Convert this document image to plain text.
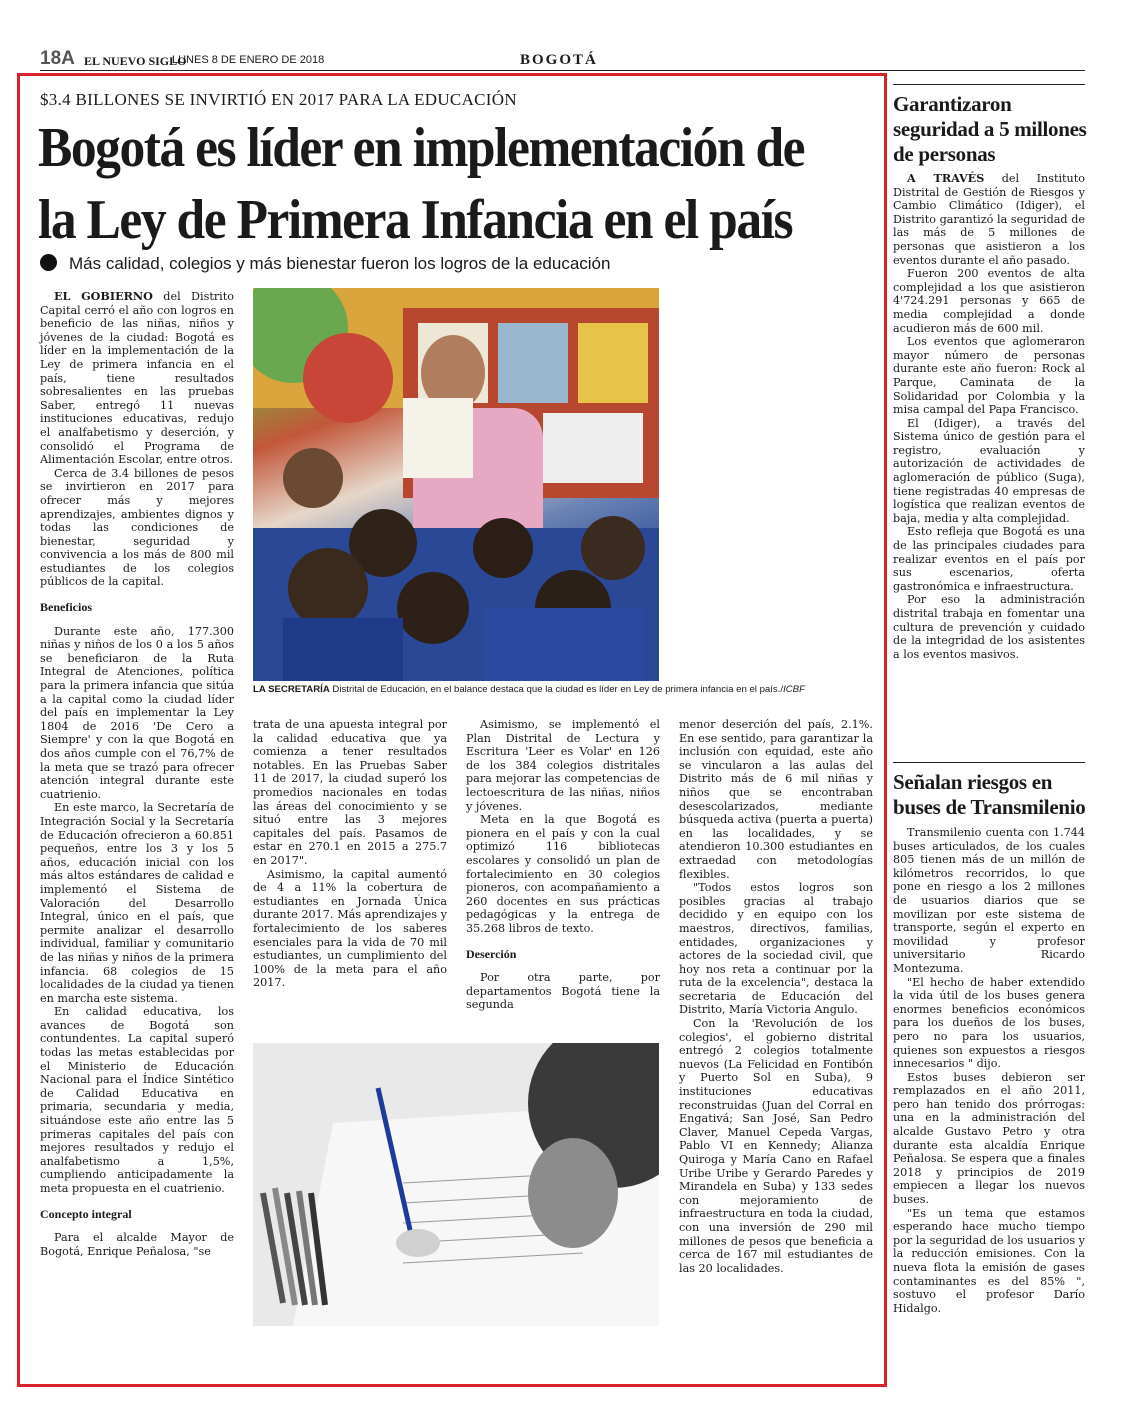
18A EL NUEVO SIGLO
LUNES 8 DE ENERO DE 2018	BOGOTÁ
$3.4 BILLONES SE INVIRTIÓ EN 2017 PARA LA EDUCACIÓN
Bogotá es líder en implementación de la Ley de Primera Infancia en el país
Más calidad, colegios y más bienestar fueron los logros de la educación

EL GOBIERNO del Distrito Capital cerró el año con logros en beneficio de las niñas, niños y jóvenes de la ciudad: Bogotá es líder en la implementación de la Ley de primera infancia en el país, tiene resultados sobresalientes en las pruebas Saber, entregó 11 nuevas instituciones educativas, redujo el analfabetismo y deserción, y consolidó el Programa de Alimentación Escolar, entre otros.

Cerca de 3.4 billones de pesos se invirtieron en 2017 para ofrecer más y mejores aprendizajes, ambientes dignos y todas las condiciones de bienestar, seguridad y convivencia a los más de 800 mil estudiantes de los colegios públicos de la capital.

Beneficios

Durante este año, 177.300 niñas y niños de los 0 a los 5 años se beneficiaron de la Ruta Integral de Atenciones, política para la primera infancia que sitúa a la capital como la ciudad líder del país en implementar la Ley 1804 de 2016 'De Cero a Siempre' y con la que Bogotá en dos años cumple con el 76,7% de la meta que se trazó para ofrecer atención integral durante este cuatrienio.

En este marco, la Secretaría de Integración Social y la Secretaría de Educación ofrecieron a 60.851 pequeños, entre los 3 y los 5 años, educación inicial con los más altos estándares de calidad e implementó el Sistema de Valoración del Desarrollo Integral, único en el país, que permite analizar el desarrollo individual, familiar y comunitario de las niñas y niños de la primera infancia. 68 colegios de 15 localidades de la ciudad ya tienen en marcha este sistema.

En calidad educativa, los avances de Bogotá son contundentes. La capital superó todas las metas establecidas por el Ministerio de Educación Nacional para el Índice Sintético de Calidad Educativa en primaria, secundaria y media, situándose este año entre las 5 primeras capitales del país con mejores resultados y redujo el analfabetismo a 1,5%, cumpliendo anticipadamente la meta propuesta en el cuatrienio.

Concepto integral

Para el alcalde Mayor de Bogotá, Enrique Peñalosa, "se

LA SECRETARÍA Distrital de Educación, en el balance destaca que la ciudad es líder en Ley de primera infancia en el país./ICBF

trata de una apuesta integral por la calidad educativa que ya comienza a tener resultados notables. En las Pruebas Saber 11 de 2017, la ciudad superó los promedios nacionales en todas las áreas del conocimiento y se situó entre las 3 mejores capitales del país. Pasamos de estar en 270.1 en 2015 a 275.7 en 2017".

Asimismo, la capital aumentó de 4 a 11% la cobertura de estudiantes en Jornada Única durante 2017. Más aprendizajes y fortalecimiento de los saberes esenciales para la vida de 70 mil estudiantes, un cumplimiento del 100% de la meta para el año 2017.

Asimismo, se implementó el Plan Distrital de Lectura y Escritura 'Leer es Volar' en 126 de los 384 colegios distritales para mejorar las competencias de lectoescritura de las niñas, niños y jóvenes.

Meta en la que Bogotá es pionera en el país y con la cual optimizó 116 bibliotecas escolares y consolidó un plan de fortalecimiento en 30 colegios pioneros, con acompañamiento a 260 docentes en sus prácticas pedagógicas y la entrega de 35.268 libros de texto.

Deserción

Por otra parte, por departamentos Bogotá tiene la segunda

menor deserción del país, 2.1%. En ese sentido, para garantizar la inclusión con equidad, este año se vincularon a las aulas del Distrito más de 6 mil niñas y niños que se encontraban desescolarizados, mediante búsqueda activa (puerta a puerta) en las localidades, y se atendieron 10.300 estudiantes en extraedad con metodologías flexibles.

"Todos estos logros son posibles gracias al trabajo decidido y en equipo con los maestros, directivos, familias, entidades, organizaciones y actores de la sociedad civil, que hoy nos reta a continuar por la ruta de la excelencia", destaca la secretaria de Educación del Distrito, María Victoria Angulo.

Con la 'Revolución de los colegios', el gobierno distrital entregó 2 colegios totalmente nuevos (La Felicidad en Fontibón y Puerto Sol en Suba), 9 instituciones educativas reconstruidas (Juan del Corral en Engativá; San José, San Pedro Claver, Manuel Cepeda Vargas, Pablo VI en Kennedy; Alianza Quiroga y María Cano en Rafael Uribe Uribe y Gerardo Paredes y Mirandela en Suba) y 133 sedes con mejoramiento de infraestructura en toda la ciudad, con una inversión de 290 mil millones de pesos que beneficia a cerca de 167 mil estudiantes de las 20 localidades.

Garantizaron seguridad a 5 millones de personas

A TRAVÉS del Instituto Distrital de Gestión de Riesgos y Cambio Climático (Idiger), el Distrito garantizó la seguridad de las más de 5 millones de personas que asistieron a los eventos durante el año pasado.

Fueron 200 eventos de alta complejidad a los que asistieron 4'724.291 personas y 665 de media complejidad a donde acudieron más de 600 mil.

Los eventos que aglomeraron mayor número de personas durante este año fueron: Rock al Parque, Caminata de la Solidaridad por Colombia y la misa campal del Papa Francisco.

El (Idiger), a través del Sistema único de gestión para el registro, evaluación y autorización de actividades de aglomeración de público (Suga), tiene registradas 40 empresas de logística que realizan eventos de baja, media y alta complejidad.

Esto refleja que Bogotá es una de las principales ciudades para realizar eventos en el país por sus escenarios, oferta gastronómica e infraestructura.

Por eso la administración distrital trabaja en fomentar una cultura de prevención y cuidado de la integridad de los asistentes a los eventos masivos.

Señalan riesgos en buses de Transmilenio

Transmilenio cuenta con 1.744 buses articulados, de los cuales 805 tienen más de un millón de kilómetros recorridos, lo que pone en riesgo a los 2 millones de usuarios diarios que se movilizan por este sistema de transporte, según el experto en movilidad y profesor universitario Ricardo Montezuma.

"El hecho de haber extendido la vida útil de los buses genera enormes beneficios económicos para los dueños de los buses, pero no para los usuarios, quienes son expuestos a riesgos innecesarios " dijo.

Estos buses debieron ser remplazados en el año 2011, pero han tenido dos prórrogas: una en la administración del alcalde Gustavo Petro y otra durante esta alcaldía Enrique Peñalosa. Se espera que a finales 2018 y principios de 2019 empiecen a llegar los nuevos buses.

"Es un tema que estamos esperando hace mucho tiempo por la seguridad de los usuarios y la reducción emisiones. Con la nueva flota la emisión de gases contaminantes es del 85% ", sostuvo el profesor Darío Hidalgo.
